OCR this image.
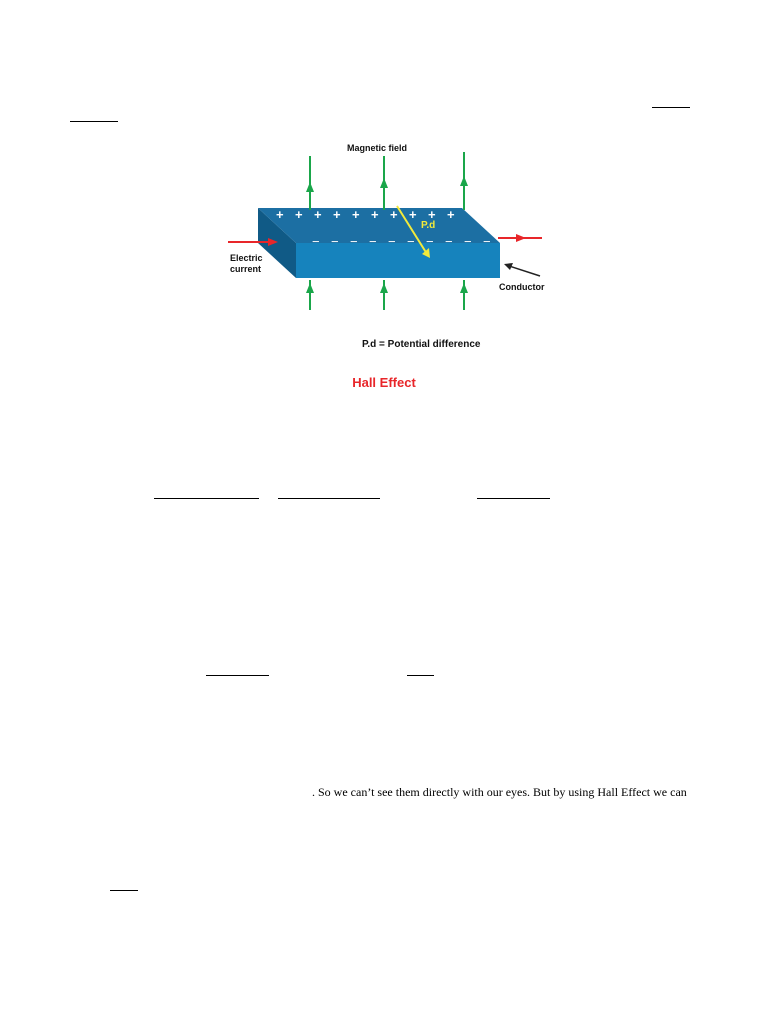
+ + + + + + + + + +
− − − − − − − − − −
P.d
Magnetic field
Electric
current
Conductor
P.d = Potential difference
Hall Effect
. So we can’t see them directly with our eyes. But by using Hall Effect we can
